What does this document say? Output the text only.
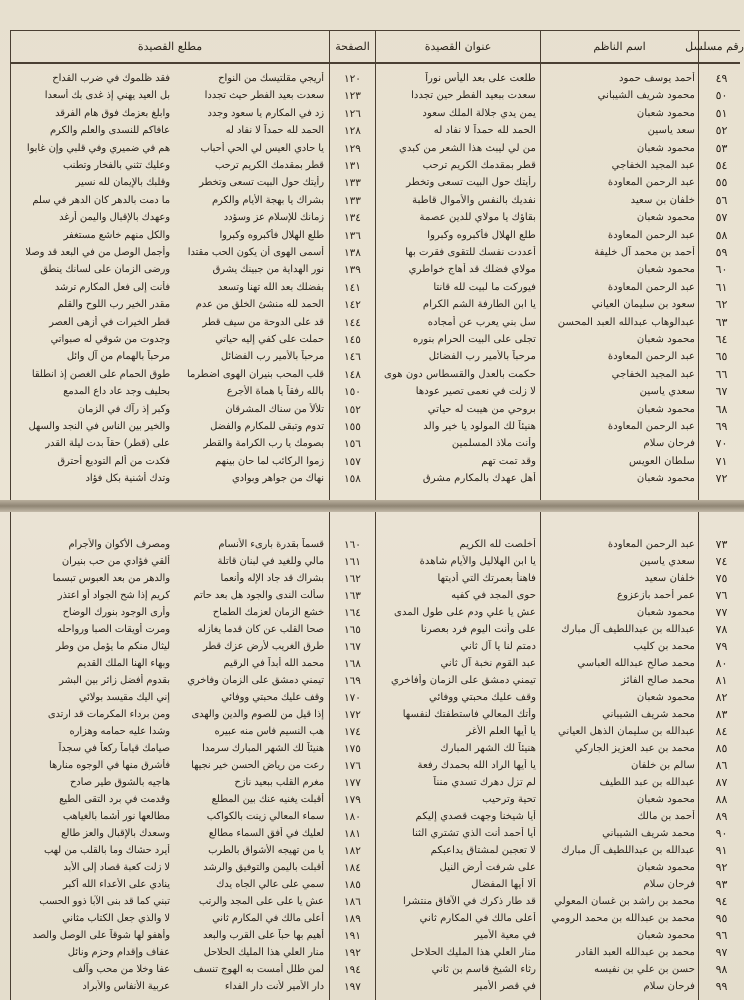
رقم مسلسل
اسم الناظم
عنوان القصيدة
الصفحة
مطلع القصيدة
٤٩
أحمد يوسف حمود
طلعت على بعد اليأس نوراً
١٢٠
أريجي مقلتيسك من النواح
فقد ظلموك في ضرب القداح
٥٠
محمود شريف الشيباني
سعدت ببعيد الفطر حين تجددا
١٢٣
سعدت بعيد الفطر حيث تجددا
بل العيد يهني إذ غدى بك أسعدا
٥١
محمود شعبان
يمن يدي جلالة الملك سعود
١٢٦
زد في المكارم يا سعود وجدد
وابلغ بعزمك فوق هام الفرقد
٥٢
سعد ياسين
الحمد لله حمداً لا نفاد له
١٢٨
الحمد لله حمداً لا نفاد له
عافاكم للنسدى والعلم والكرم
٥٣
محمود شعبان
من لي ليبث هذا الشعر من كبدي
١٢٩
يا حادي العيس لي الحي أحباب
هم في ضميري وفي قلبي وإن غابوا
٥٤
عبد المجيد الخفاجي
قطر بمقدمك الكريم ترحب
١٣١
قطر بمقدمك الكريم ترحب
وعليك تثني بالفخار وتطنب
٥٥
عبد الرحمن المعاودة
رأيتك حول البيت تسعى وتخطر
١٣٣
رأيتك حول البيت تسعى وتخطر
وقلبك بالإيمان لله نسير
٥٦
خلفان بن سعيد
نفديك بالنفس والأموال قاطبة
١٣٣
بشراك يا بهجة الأيام والكرم
ما دمت بالدهر كان الدهر في سلم
٥٧
محمود شعبان
بقاؤك يا مولاي للدين عصمة
١٣٤
زمانك للإسلام عز وسؤدد
وعهدك بالإقبال واليمن أرغد
٥٨
عبد الرحمن المعاودة
طلع الهلال فأكبروه وكبروا
١٣٦
طلع الهلال فأكبروه وكبروا
والكل منهم خاشع مستغفر
٥٩
أحمد بن محمد آل خليفة
أعددت نفسك للتقوى فقرت بها
١٣٨
أسمى الهوى أن يكون الحب مقتدا
وأجمل الوصل من في البعد قد وصلا
٦٠
محمود شعبان
مولاي فضلك قد أهاج خواطري
١٣٩
نور الهداية من جبينك يشرق
ورضى الزمان على لسانك ينطق
٦١
عبد الرحمن المعاودة
فيوركت ما لبيت لله قانتا
١٤١
بفضلك بعد الله تهنا وتسعد
فأنت إلى فعل المكارم ترشد
٦٢
سعود بن سليمان العياني
يا ابن الطارفة الشم الكرام
١٤٢
الحمد لله منشئ الخلق من عدم
مقدر الخير رب اللوح والقلم
٦٣
عبدالوهاب عبدالله العبد المحسن
سل بني يعرب عن أمجاده
١٤٤
قد على الدوحة من سيف قطر
قطر الخيرات في أزهى العصر
٦٤
محمود شعبان
تجلى على البيت الحرام بنوره
١٤٥
حملت على كفي إليه حياتي
وجدوت من شوقي له صبواتي
٦٥
عبد الرحمن المعاودة
مرحباً بالأمير رب الفضائل
١٤٦
مرحباً بالأمير رب الفضائل
مرحباً بالهمام من آل وائل
٦٦
عبد المجيد الخفاجي
حكمت بالعدل والقسطاس دون هوى
١٤٨
قلب المحب بنيران الهوى اضطرما
طوق الحمام على الغصن إذ انطلقا
٦٧
سعدي ياسين
لا زلت في نعمى تصير عودها
١٥٠
بالله رفقاً يا هماة الأجرع
بحليف وجد عاد داع المدمع
٦٨
محمود شعبان
بروحي من هيبت له حياتي
١٥٢
تلألأ من سناك المشرقان
وكبر إذ رآك في الزمان
٦٩
عبد الرحمن المعاودة
هنيئاً لك المولود يا خير والد
١٥٥
تدوم وتبقى للمكارم والفضل
والخير بين الناس في النجد والسهل
٧٠
فرحان سلام
وأنت ملاذ المسلمين
١٥٦
بصومك يا رب الكرامة والقطر
على (قطر) حقاً بدت ليلة القدر
٧١
سلطان العويس
وقد تمت تهم
١٥٧
زموا الركائب لما حان بينهم
فكدت من ألم التوديع أحترق
٧٢
محمود شعبان
أهل عهدك بالمكارم مشرق
١٥٨
نهاك من جواهر وبوادي
وتدك أشنية بكل فؤاد
٧٣
عبد الرحمن المعاودة
أخلصت لله الكريم
١٦٠
قسماً بقدرة بارىء الأنسام
ومصرف الأكوان والأجرام
٧٤
سعدي ياسين
يا ابن الهلاليل والأيام شاهدة
١٦١
مالي وللغيد في لبنان قاتلة
ألقي فؤادي من حب بنيران
٧٥
خلفان سعيد
فاهنأ بعمرتك التي أديتها
١٦٢
بشراك قد جاد الإله وأنعما
والدهر من بعد العبوس تبسما
٧٦
عمر أحمد بازعزوع
حوى المجد في كفيه
١٦٣
سألت الندى والجود هل بعد حاتم
كريم إذا شح الجواد أو اعتذر
٧٧
محمود شعبان
عش يا علي ودم على طول المدى
١٦٤
خشع الزمان لعزمك الطماح
وأرى الوجود بنورك الوضاح
٧٨
عبدالله بن عبداللطيف آل مبارك
على وأنت اليوم فرد بعصرنا
١٦٥
صحا القلب عن كان قدما يغازله
ومرت أويقات الصبا ورواحله
٧٩
محمد بن كليب
دمتم لنا يا آل ثاني
١٦٧
طرق الغريب لأرض عزك قطر
ليثال منكم ما يؤمل من وطر
٨٠
محمد صالح عبدالله العباسي
عبد القوم نخبة آل ثاني
١٦٨
محمد الله أبداً في الرقيم
وبهاء الهنا الملك القديم
٨١
محمد صالح الفائز
تيمني دمشق على الزمان وأفاخري
١٦٩
تيمني دمشق على الزمان وفاخري
بقدوم أفضل زائر بين البشر
٨٢
محمود شعبان
وقف عليك محبتي ووفائي
١٧٠
وقف عليك محبتي ووفائي
إني اليك مقيسد بولائي
٨٣
محمد شريف الشيباني
وأتك المعالي فاستطفتك لنفسها
١٧٢
إذا قيل من للصوم والدين والهدى
ومن برداء المكرمات قد ارتدى
٨٤
عبدالله بن سليمان الذهل العياني
يا أيها العلم الأغر
١٧٤
هب النسيم فاس منه عبيره
وشدا عليه حمامه وهزاره
٨٥
محمد بن عبد العزيز الجاركي
هنيئاً لك الشهر المبارك
١٧٥
هنيئاً لك الشهر المبارك سرمدا
صيامك قياماً ركعاً في سجداً
٨٦
سالم بن خلفان
يا أيها الراد الله بحمدك رفعة
١٧٦
رعت من رياض الحسن خير نجيها
فأشرق منها في الوجوه منارها
٨٧
عبدالله بن عبد اللطيف
لم تزل دهرك تسدي منناً
١٧٧
مغرم القلب ببعيد نازح
هاجيه بالشوق طير صادح
٨٨
محمود شعبان
تحية وترحيب
١٧٩
أقبلت يغنيه عنك بين المطلع
وقدمت في برد التقى الطيع
٨٩
أحمد بن مالك
أيا شيخنا وجهت قصدي إليكم
١٨٠
سماء المعالي زينت بالكواكب
مطالعها نور أشما بالغياهب
٩٠
محمد شريف الشيباني
أيا أحمد أنت الذي تشتري الثنا
١٨١
لعليك في أفق السماء مطالع
وسعدك بالإقبال والعز طالع
٩١
عبدالله بن عبداللطيف آل مبارك
لا تعجبن لمشتاق يداعبكم
١٨٢
يا من تهيجه الأشواق بالطرب
أيرد حشاك وما بالقلب من لهب
٩٢
محمود شعبان
على شرفت أرض النيل
١٨٤
أقبلت باليمن والتوفيق والرشد
لا زلت كعبة قصاد إلى الأبد
٩٣
فرحان سلام
ألا أيها المفضال
١٨٥
سمي على عالي الجاه يدك
ينادي على الأعداء الله أكبر
٩٤
محمد بن راشد بن غسان المعولي
قد طار ذكرك في الآفاق منتشرا
١٨٦
عش يا على على المجد والرتب
تبني كما قد بنى الآبا ذوو الحسب
٩٥
محمد بن عبدالله بن محمد الرومي
أعلى مالك في المكارم ثاني
١٨٩
أعلى مالك في المكارم ثاني
لا والذي جعل الكتاب مثاني
٩٦
محمود شعبان
في معية الأمير
١٩١
أهيم بها حباً على القرب والبعد
وأهفو لها شوقاً على الوصل والصد
٩٧
محمد بن عبدالله العبد القادر
منار العلي هذا المليك الحلاحل
١٩٢
منار العلي هذا المليك الحلاحل
عفاف وإقدام وحزم ونائل
٩٨
حسن بن علي بن نفيسه
رثاء الشيخ قاسم بن ثاني
١٩٤
لمن طلل أمست به الهوج تنسف
عفا وخلا من محب وآلف
٩٩
فرحان سلام
في قصر الأمير
١٩٧
دار الأمير لأنت دار الفداء
عربية الأنفاس والأبراد
